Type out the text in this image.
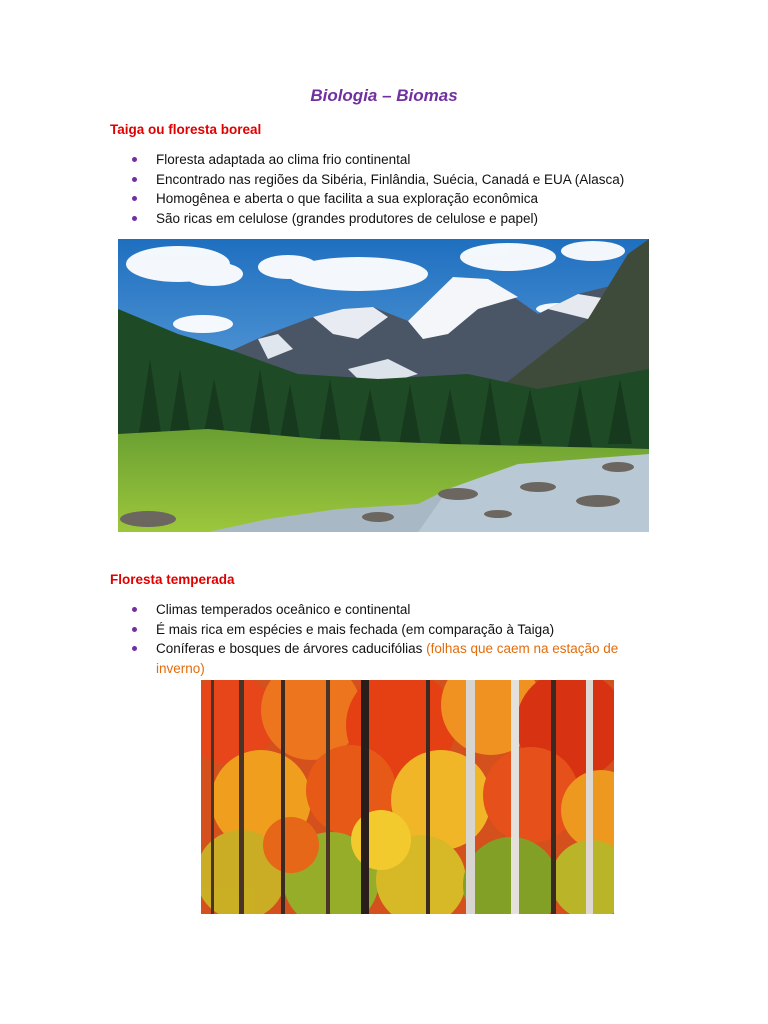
Biologia – Biomas
Taiga ou floresta boreal
Floresta adaptada ao clima frio continental
Encontrado nas regiões da Sibéria, Finlândia, Suécia, Canadá e EUA (Alasca)
Homogênea e aberta o que facilita a sua exploração econômica
São ricas em celulose (grandes produtores de celulose e papel)
Floresta temperada
Climas temperados oceânico e continental
É mais rica em espécies e mais fechada (em comparação à Taiga)
Coníferas e bosques de árvores caducifólias (folhas que caem na estação de inverno)
